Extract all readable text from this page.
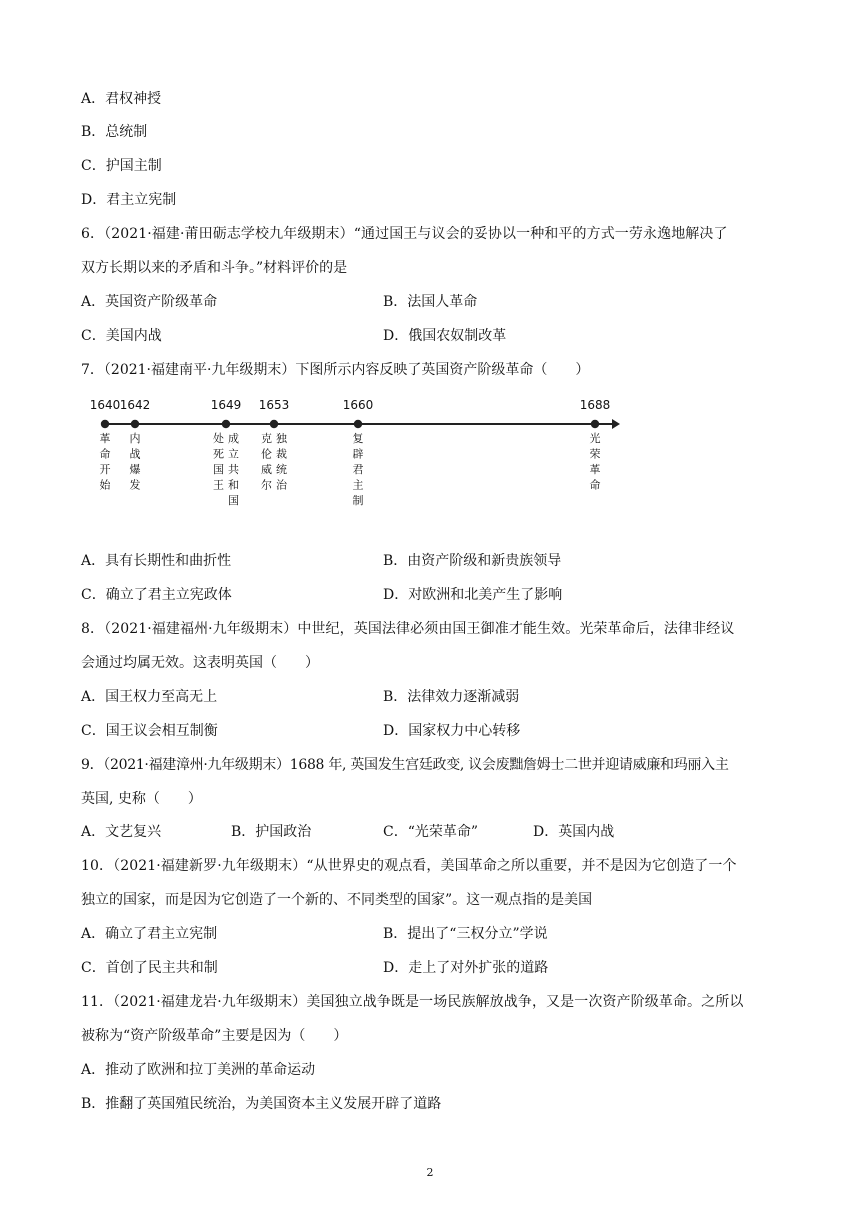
A．君权神授
B．总统制
C．护国主制
D．君主立宪制
6．（2021·福建·莆田砺志学校九年级期末）“通过国王与议会的妥协以一种和平的方式一劳永逸地解决了
双方长期以来的矛盾和斗争。”材料评价的是
A．英国资产阶级革命	B．法国人革命
C．美国内战	D．俄国农奴制改革
7．（2021·福建南平·九年级期末）下图所示内容反映了英国资产阶级革命（　　）
1640
革命开始
1642
内战爆发
1649
成立共和国
处死国王
1653
独裁统治
克伦威尔
1660
复辟君主制
1688
光荣革命
A．具有长期性和曲折性	B．由资产阶级和新贵族领导
C．确立了君主立宪政体	D．对欧洲和北美产生了影响
8．（2021·福建福州·九年级期末）中世纪，英国法律必须由国王御准才能生效。光荣革命后，法律非经议
会通过均属无效。这表明英国（　　）
A．国王权力至高无上	B．法律效力逐渐减弱
C．国王议会相互制衡	D．国家权力中心转移
9．（2021·福建漳州·九年级期末）1688 年, 英国发生宫廷政变, 议会废黜詹姆士二世并迎请威廉和玛丽入主
英国, 史称（　　）
A．文艺复兴	B．护国政治	C．“光荣革命”	D．英国内战
10．（2021·福建新罗·九年级期末）“从世界史的观点看，美国革命之所以重要，并不是因为它创造了一个
独立的国家，而是因为它创造了一个新的、不同类型的国家”。这一观点指的是美国
A．确立了君主立宪制	B．提出了“三权分立”学说
C．首创了民主共和制	D．走上了对外扩张的道路
11．（2021·福建龙岩·九年级期末）美国独立战争既是一场民族解放战争，又是一次资产阶级革命。之所以
被称为“资产阶级革命”主要是因为（　　）
A．推动了欧洲和拉丁美洲的革命运动
B．推翻了英国殖民统治，为美国资本主义发展开辟了道路
2
